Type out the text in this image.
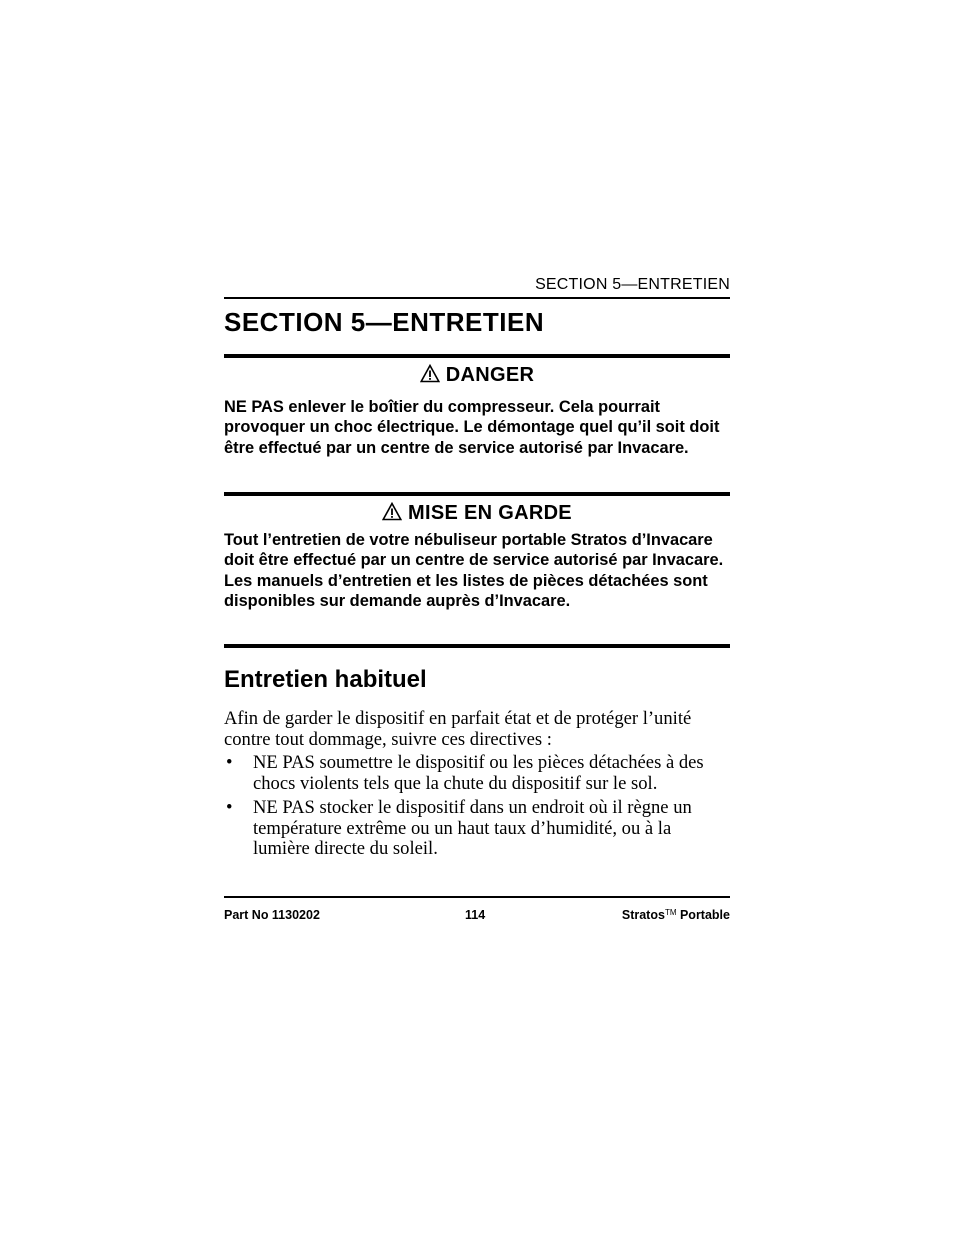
SECTION 5—ENTRETIEN
SECTION 5—ENTRETIEN
DANGER
NE PAS enlever le boîtier du compresseur. Cela pourrait provoquer un choc électrique. Le démontage quel qu’il soit doit être effectué par un centre de service autorisé par Invacare.
MISE EN GARDE
Tout l’entretien de votre nébuliseur portable Stratos d’Invacare doit être effectué par un centre de service autorisé par Invacare. Les manuels d’entretien et les listes de pièces détachées sont disponibles sur demande auprès d’Invacare.
Entretien habituel
Afin de garder le dispositif en parfait état et de protéger l’unité contre tout dommage, suivre ces directives :
• NE PAS soumettre le dispositif ou les pièces détachées à des chocs violents tels que la chute du dispositif sur le sol.
• NE PAS stocker le dispositif dans un endroit où il règne un température extrême ou un haut taux d’humidité, ou à la lumière directe du soleil.
Part No 1130202	114	Stratos™ Portable
